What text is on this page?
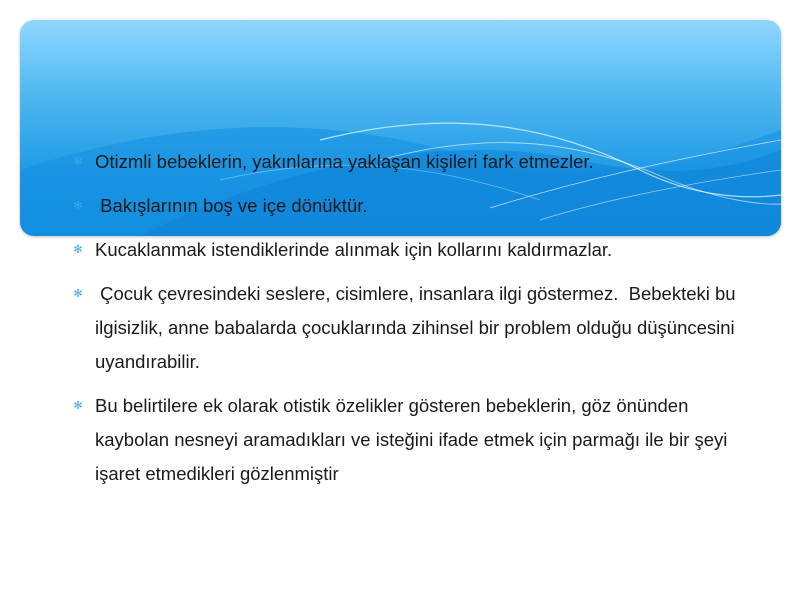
✻ Otizmli bebeklerin, yakınlarına yaklaşan kişileri fark etmezler.
✻ Bakışlarının boş ve içe dönüktür.
✻ Kucaklanmak istendiklerinde alınmak için kollarını kaldırmazlar.
✻ Çocuk çevresindeki seslere, cisimlere, insanlara ilgi göstermez.  Bebekteki bu ilgisizlik, anne babalarda çocuklarında zihinsel bir problem olduğu düşüncesini uyandırabilir.
✻ Bu belirtilere ek olarak otistik özelikler gösteren bebeklerin, göz önünden kaybolan nesneyi aramadıkları ve isteğini ifade etmek için parmağı ile bir şeyi işaret etmedikleri gözlenmiştir
